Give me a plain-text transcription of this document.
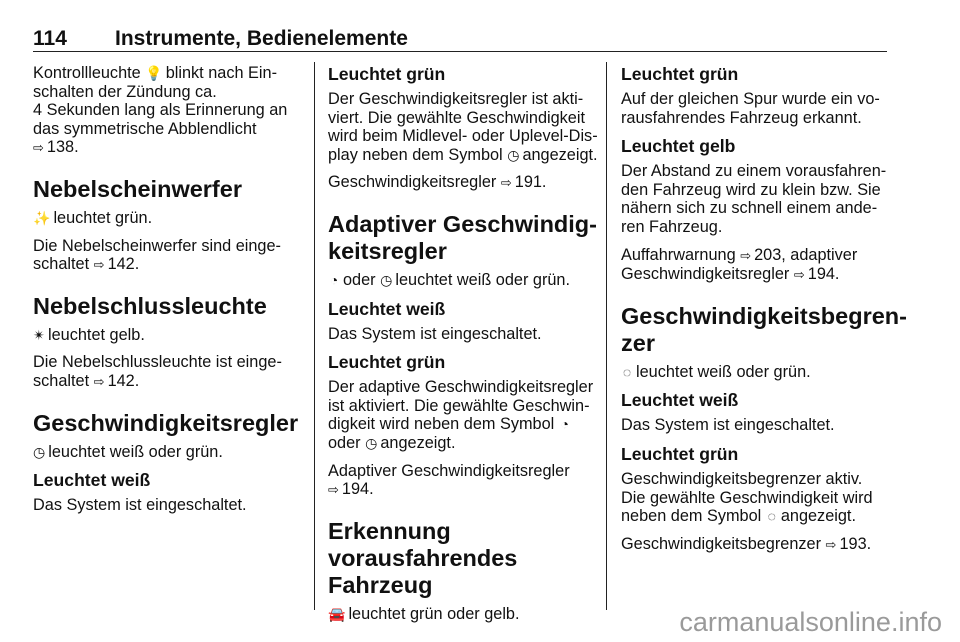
114 Instrumente, Bedienelemente

Kontrollleuchte 💡 blinkt nach Ein-
schalten der Zündung ca.
4 Sekunden lang als Erinnerung an
das symmetrische Abblendlicht
⇨ 138.

Nebelscheinwerfer

✨ leuchtet grün.

Die Nebelscheinwerfer sind einge-
schaltet ⇨ 142.

Nebelschlussleuchte

✴ leuchtet gelb.

Die Nebelschlussleuchte ist einge-
schaltet ⇨ 142.

Geschwindigkeitsregler

◷ leuchtet weiß oder grün.

Leuchtet weiß

Das System ist eingeschaltet.

Leuchtet grün

Der Geschwindigkeitsregler ist akti-
viert. Die gewählte Geschwindigkeit
wird beim Midlevel- oder Uplevel-Dis-
play neben dem Symbol ◷ angezeigt.

Geschwindigkeitsregler ⇨ 191.

Adaptiver Geschwindig-
keitsregler

◔ oder ◷ leuchtet weiß oder grün.

Leuchtet weiß

Das System ist eingeschaltet.

Leuchtet grün

Der adaptive Geschwindigkeitsregler
ist aktiviert. Die gewählte Geschwin-
digkeit wird neben dem Symbol ◔
oder ◷ angezeigt.

Adaptiver Geschwindigkeitsregler
⇨ 194.

Erkennung
vorausfahrendes Fahrzeug

🚘 leuchtet grün oder gelb.

Leuchtet grün

Auf der gleichen Spur wurde ein vo-
rausfahrendes Fahrzeug erkannt.

Leuchtet gelb

Der Abstand zu einem vorausfahren-
den Fahrzeug wird zu klein bzw. Sie
nähern sich zu schnell einem ande-
ren Fahrzeug.

Auffahrwarnung ⇨ 203, adaptiver
Geschwindigkeitsregler ⇨ 194.

Geschwindigkeitsbegren-
zer

◌ leuchtet weiß oder grün.

Leuchtet weiß

Das System ist eingeschaltet.

Leuchtet grün

Geschwindigkeitsbegrenzer aktiv.
Die gewählte Geschwindigkeit wird
neben dem Symbol ◌ angezeigt.

Geschwindigkeitsbegrenzer ⇨ 193.

carmanualsonline.info
